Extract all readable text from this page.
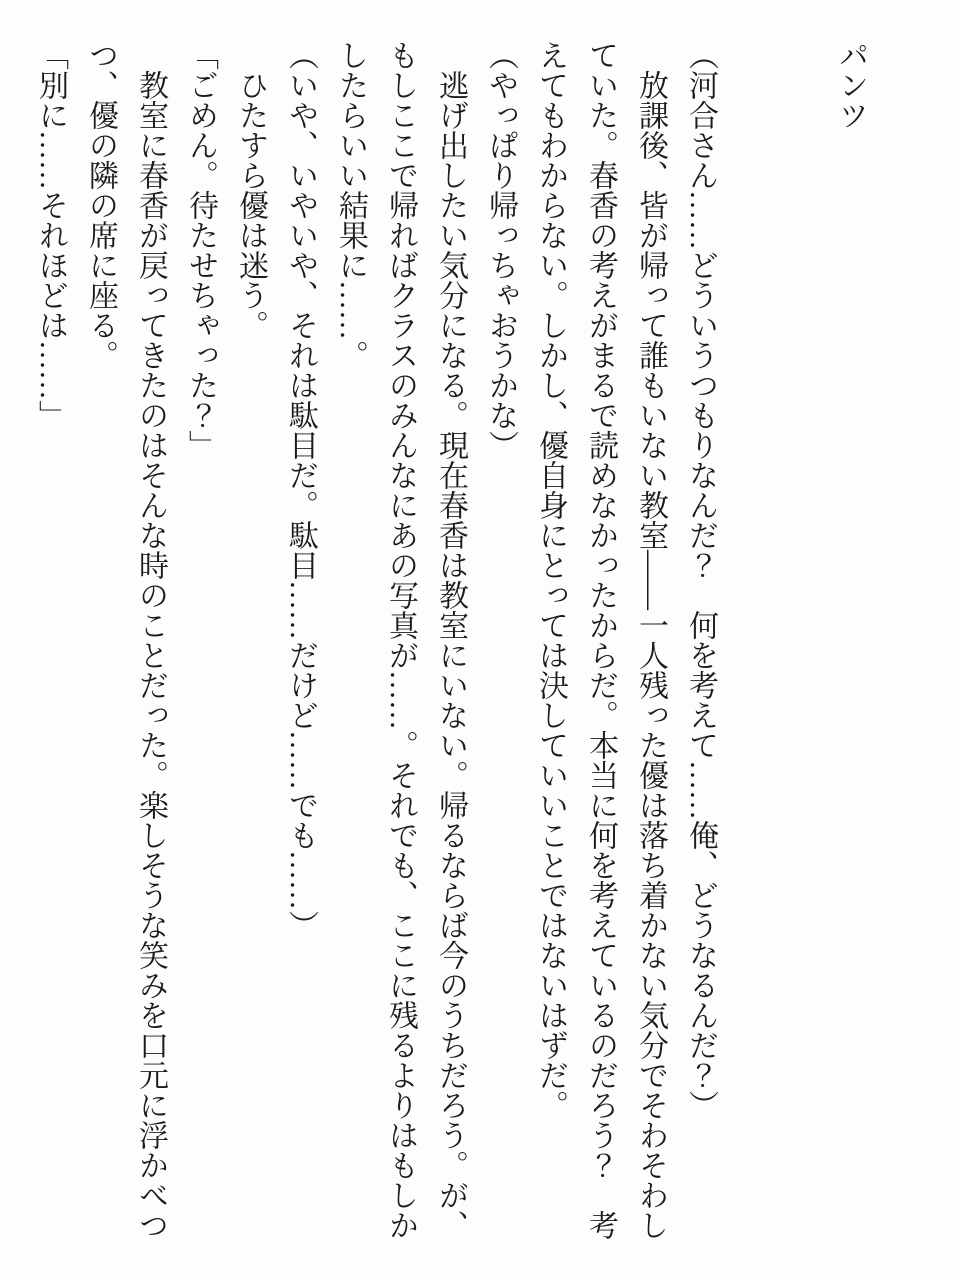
パンツ

（河合さん……どういうつもりなんだ？　何を考えて……俺、どうなるんだ？）

放課後、皆が帰って誰もいない教室――一人残った優は落ち着かない気分でそわそわしていた。春香の考えがまるで読めなかったからだ。本当に何を考えているのだろう？　考えてもわからない。しかし、優自身にとっては決していいことではないはずだ。

（やっぱり帰っちゃおうかな）

逃げ出したい気分になる。現在春香は教室にいない。帰るならば今のうちだろう。が、もしここで帰ればクラスのみんなにあの写真が……。それでも、ここに残るよりはもしかしたらいい結果に……。

（いや、いやいや、それは駄目だ。駄目……だけど……でも……）

ひたすら優は迷う。

「ごめん。待たせちゃった？」

教室に春香が戻ってきたのはそんな時のことだった。楽しそうな笑みを口元に浮かべつつ、優の隣の席に座る。

「別に……それほどは……」
